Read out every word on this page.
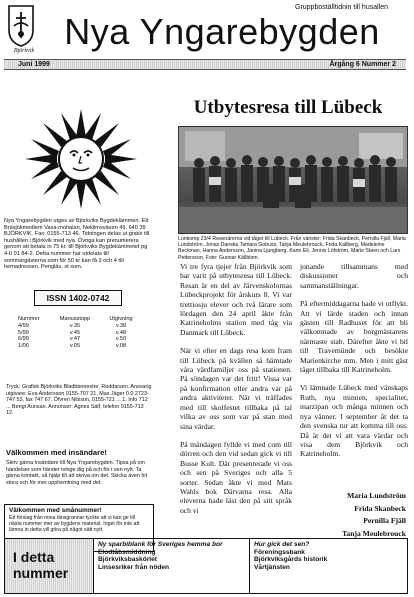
Björkvik
Gruppboställtidnin till husallen
Nya Yngarebygden
Juni 1999	Årgång 6 Nummer 2

Nya Yngarebygden utges av Björkviks Bygdeklämmen. Ett Bräsjökmedlem Vasa-mohalan, Neklimsväven 49, 640 39 BJÖRKVIK. Fax: 0155-713 46. Tidningen delas ut gratis till hushållen i Björkvik med nya. Övriga kan prenumerera genom att betala in 75 kr. till Björkviks Bygdekämmetet pg 4-0 01 84-2. Detta nummer har utdelats till sommargästerna som för 50 kr kan få 3 och 4 till hemadressen. Pengläs, st som.

ISSN 1402-0742
Nummer	Manusstopp	Utgivning
4/99	v.35	v.38
5/99	v.45	v.48
6/99	v.47	v.50
1/00	v.05	v.08
Tryck: Grafisk Björkviks Bladbtemestre, Roddarsen. Ansvarig utgivare: Eva Andersson 0155-707 21. Max Jäger 0.0 2723-747 53, fax 747 67. Öfvren Nilsson, 0155-721 ... 1. Info 712 ... Bengt Aunsan. Annonser: Agnes Sälf, telefon 0155-713 12.
Välkommen med insändare!

Skriv gärna insändare till Nya Yngarebygden. Tipsa på om händelser som händer tvinge dig på och för i sen nytt. Ta gärna kontakt, så hjälp till att skriva om det. Skicka även hit stora och för mer upphemtning med det.

Välkommen med smånummer!

Ett förslag från mina länsgrannar tyckte att vi kan ge till nästa nummer mer av bygdens material. Inget för inte att lämna in detta vill göra på något sätt nytt.

Utbytesresa till Lübeck

Lunkomp 23/4 Resenärerna vid tåget till Lübeck. Från vänster: Frida Skanbeck, Pernilla Fjäll, Maria Lundström, Jonas Danska Tamara Gobuss, Tanja Meulebrouck, Frida Kallberg, Madeleine Beckman, Hanna Andersson, Janina Ljungberg, Karin Eli, Jennis Löfström, Marie Steen och Lars Pettersson. Foto: Gunnar Källblom.

Vi tre fyra tjejer från Björkvik som har varit på utbytesresa till Lübeck. Resan är en del av Järvenskolornas Lübeckprojekt för årskurs 8. Vi var trettiosju elever och två lärare som lördagen den 24 april åkte från Katrineholms station med tåg via Danmark till Lübeck.

När vi efter en dags resa kom fram till Lübeck på kvällen så hämtade våra värdfamiljer oss på stationen. På söndagen var det fritt! Vissa var på konfirmation eller andra var på andra aktiviteter. När vi träffades med till skolfestet tillbaka på tal vilka av oss som var på stan med sina värdar.

På måndagen fyllde vi med com till dörren och den vid sedan gick vi till Busse Kult. Där presenterade vi oss och sen på Sveriges och alla 5 sorter. Sedan åkte vi med Mats Wahls bok Därvarna resa. Alla eleverna hade läst den på sitt språk och vi

jonande tillsammans med diskussioner och sammanställningar.

På eftermiddagarna hade vi utflykt. Att vi lärde staden och innan gästen till Radhuset för att bli välkomnade av borgmästarens närmaste stab. Därefter åkte vi bil till Travemünde och besökte Marienkirche mm. Men i mitt gäst tåget tillbaka till Katrineholm.

Vi lämnade Lübeck med vänskaps Ruth, nya minnen, specialitet, marzipan och många minnen och nya vänner. I september åt det ta den svenska tur att komma till oss. Då är det vi att vara värdar och visa dem Björkvik och Katrineholm.

Maria Lundström
Frida Skanbeck
Pernilla Fjäll
Tanja Meulebrouck
I detta
nummer
Ny sparbiblank för Sveriges hemma bor
Elodtåbsmiddning
Björkviksbaskörlet
Linsesriker från nöden
Hur gick det sen?
Föreningssbank
Björkviksgårds historik
Vårtjänsten
